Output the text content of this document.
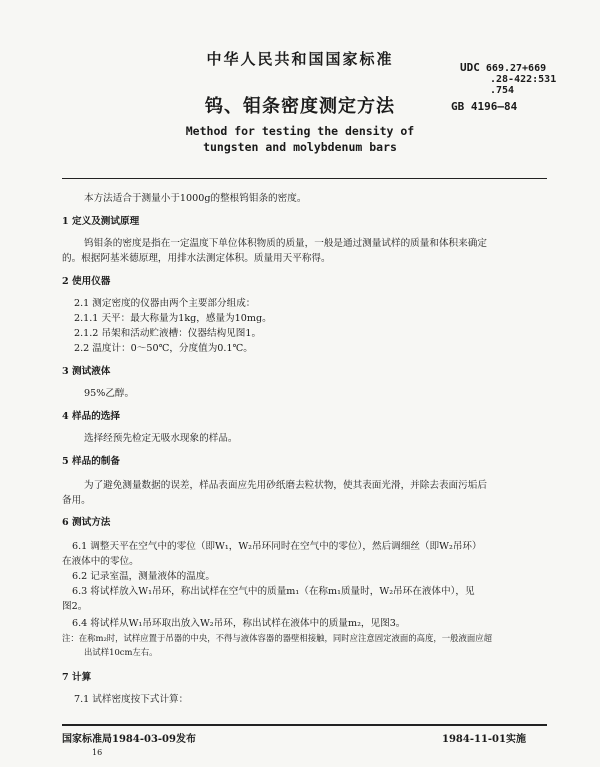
中华人民共和国国家标准	UDC 669.27+669
.28-422:531
.754
GB 4196—84
钨、钼条密度测定方法
Method for testing the density of
tungsten and molybdenum bars
本方法适合于测量小于1000g的整根钨钼条的密度。
1 定义及测试原理
钨钼条的密度是指在一定温度下单位体积物质的质量，一般是通过测量试样的质量和体积来确定
的。根据阿基米德原理，用排水法测定体积。质量用天平称得。
2 使用仪器
2.1 测定密度的仪器由两个主要部分组成：
2.1.1 天平：最大称量为1kg，感量为10mg。
2.1.2 吊架和活动贮液槽：仪器结构见图1。
2.2 温度计：0～50℃，分度值为0.1℃。
3 测试液体
95%乙醇。
4 样品的选择
选择经预先检定无吸水现象的样品。
5 样品的制备
为了避免测量数据的误差，样品表面应先用砂纸磨去粒状物，使其表面光滑，并除去表面污垢后
备用。
6 测试方法
6.1 调整天平在空气中的零位（即W₁，W₂吊环同时在空气中的零位），然后调细丝（即W₂吊环）
在液体中的零位。
6.2 记录室温，测量液体的温度。
6.3 将试样放入W₁吊环，称出试样在空气中的质量m₁（在称m₁质量时，W₂吊环在液体中），见
图2。
6.4 将试样从W₁吊环取出放入W₂吊环，称出试样在液体中的质量m₂，见图3。
注：在称m₂时，试样应置于吊器的中央，不得与液体容器的器壁相接触，同时应注意固定液面的高度，一般液面应超
出试样10cm左右。
7 计算
7.1 试样密度按下式计算：
国家标准局1984-03-09发布	1984-11-01实施
16
